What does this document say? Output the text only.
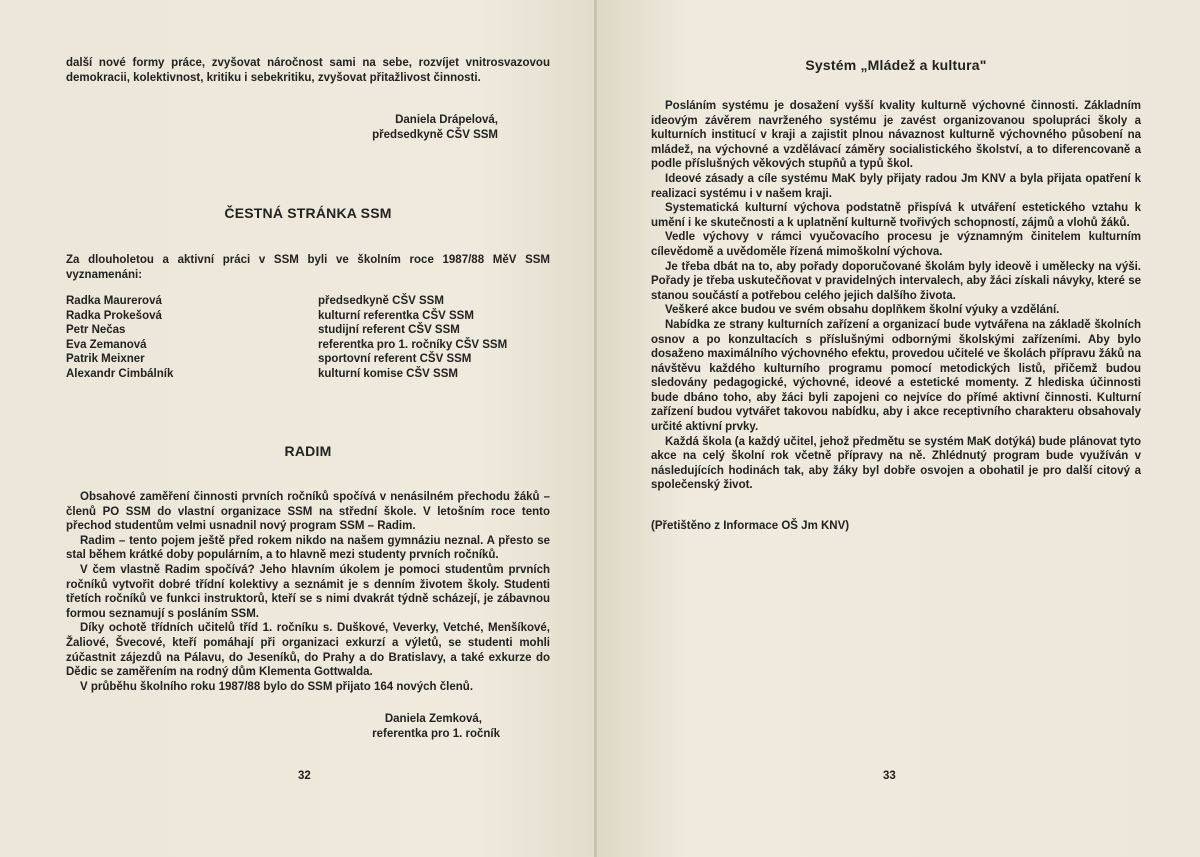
další nové formy práce, zvyšovat náročnost sami na sebe, rozvíjet vnitrosvazovou demokracii, kolektivnost, kritiku i sebekritiku, zvyšovat přitažlivost činnosti.

Daniela Drápelová,

předsedkyně CŠV SSM

ČESTNÁ STRÁNKA SSM

Za dlouholetou a aktivní práci v SSM byli ve školním roce 1987/88 MěV SSM vyznamenáni:

Radka Maurerová	předsedkyně CŠV SSM
Radka Prokešová	kulturní referentka CŠV SSM
Petr Nečas	studijní referent CŠV SSM
Eva Zemanová	referentka pro 1. ročníky CŠV SSM
Patrik Meixner	sportovní referent CŠV SSM
Alexandr Cimbálník	kulturní komise CŠV SSM
RADIM

Obsahové zaměření činnosti prvních ročníků spočívá v nenásilném přechodu žáků – členů PO SSM do vlastní organizace SSM na střední škole. V letošním roce tento přechod studentům velmi usnadnil nový program SSM – Radim.

Radim – tento pojem ještě před rokem nikdo na našem gymnáziu neznal. A přesto se stal během krátké doby populárním, a to hlavně mezi studenty prvních ročníků.

V čem vlastně Radim spočívá? Jeho hlavním úkolem je pomoci studentům prvních ročníků vytvořit dobré třídní kolektivy a seznámit je s denním životem školy. Studenti třetích ročníků ve funkci instruktorů, kteří se s nimi dvakrát týdně scházejí, je zábavnou formou seznamují s posláním SSM.

Díky ochotě třídních učitelů tříd 1. ročníku s. Duškové, Veverky, Vetché, Menšíkové, Žaliové, Švecové, kteří pomáhají při organizaci exkurzí a výletů, se studenti mohli zúčastnit zájezdů na Pálavu, do Jeseníků, do Prahy a do Bratislavy, a také exkurze do Dědic se zaměřením na rodný dům Klementa Gottwalda.

V průběhu školního roku 1987/88 bylo do SSM přijato 164 nových členů.

Daniela Zemková,

referentka pro 1. ročník

32
Systém „Mládež a kultura"

Posláním systému je dosažení vyšší kvality kulturně výchovné činnosti. Základním ideovým závěrem navrženého systému je zavést organizovanou spolupráci školy a kulturních institucí v kraji a zajistit plnou návaznost kulturně výchovného působení na mládež, na výchovné a vzdělávací záměry socialistického školství, a to diferencovaně a podle příslušných věkových stupňů a typů škol.

Ideové zásady a cíle systému MaK byly přijaty radou Jm KNV a byla přijata opatření k realizaci systému i v našem kraji.

Systematická kulturní výchova podstatně přispívá k utváření estetického vztahu k umění i ke skutečnosti a k uplatnění kulturně tvořivých schopností, zájmů a vlohů žáků.

Vedle výchovy v rámci vyučovacího procesu je významným činitelem kulturním cílevědomě a uvědoměle řízená mimoškolní výchova.

Je třeba dbát na to, aby pořady doporučované školám byly ideově i umělecky na výši. Pořady je třeba uskutečňovat v pravidelných intervalech, aby žáci získali návyky, které se stanou součástí a potřebou celého jejich dalšího života.

Veškeré akce budou ve svém obsahu doplňkem školní výuky a vzdělání.

Nabídka ze strany kulturních zařízení a organizací bude vytvářena na základě školních osnov a po konzultacích s příslušnými odbornými školskými zařízeními. Aby bylo dosaženo maximálního výchovného efektu, provedou učitelé ve školách přípravu žáků na návštěvu každého kulturního programu pomocí metodických listů, přičemž budou sledovány pedagogické, výchovné, ideové a estetické momenty. Z hlediska účinnosti bude dbáno toho, aby žáci byli zapojeni co nejvíce do přímé aktivní činnosti. Kulturní zařízení budou vytvářet takovou nabídku, aby i akce receptivního charakteru obsahovaly určité aktivní prvky.

Každá škola (a každý učitel, jehož předmětu se systém MaK dotýká) bude plánovat tyto akce na celý školní rok včetně přípravy na ně. Zhlédnutý program bude využíván v následujících hodinách tak, aby žáky byl dobře osvojen a obohatil je pro další citový a společenský život.

(Přetištěno z Informace OŠ Jm KNV)

33
